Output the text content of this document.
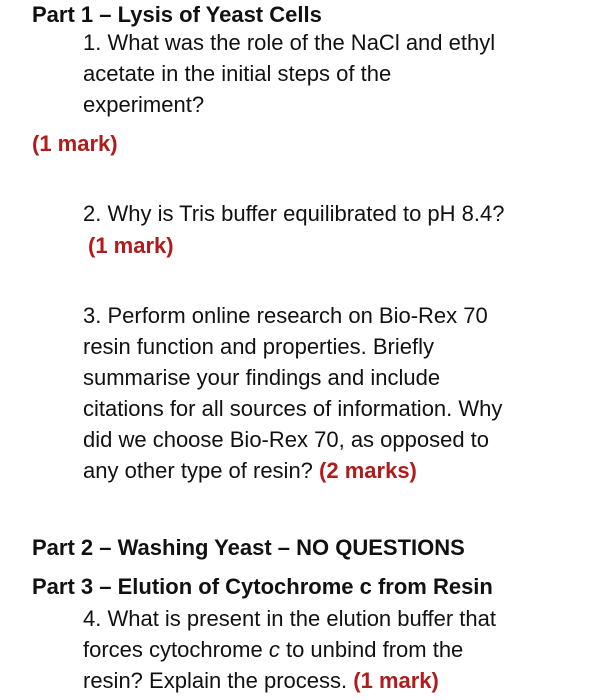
Part 1 – Lysis of Yeast Cells
1. What was the role of the NaCl and ethyl
acetate in the initial steps of the
experiment?
(1 mark)
2. Why is Tris buffer equilibrated to pH 8.4?
(1 mark)
3. Perform online research on Bio-Rex 70
resin function and properties. Briefly
summarise your findings and include
citations for all sources of information. Why
did we choose Bio-Rex 70, as opposed to
any other type of resin? (2 marks)
Part 2 – Washing Yeast – NO QUESTIONS
Part 3 – Elution of Cytochrome c from Resin
4. What is present in the elution buffer that
forces cytochrome c to unbind from the
resin? Explain the process. (1 mark)
